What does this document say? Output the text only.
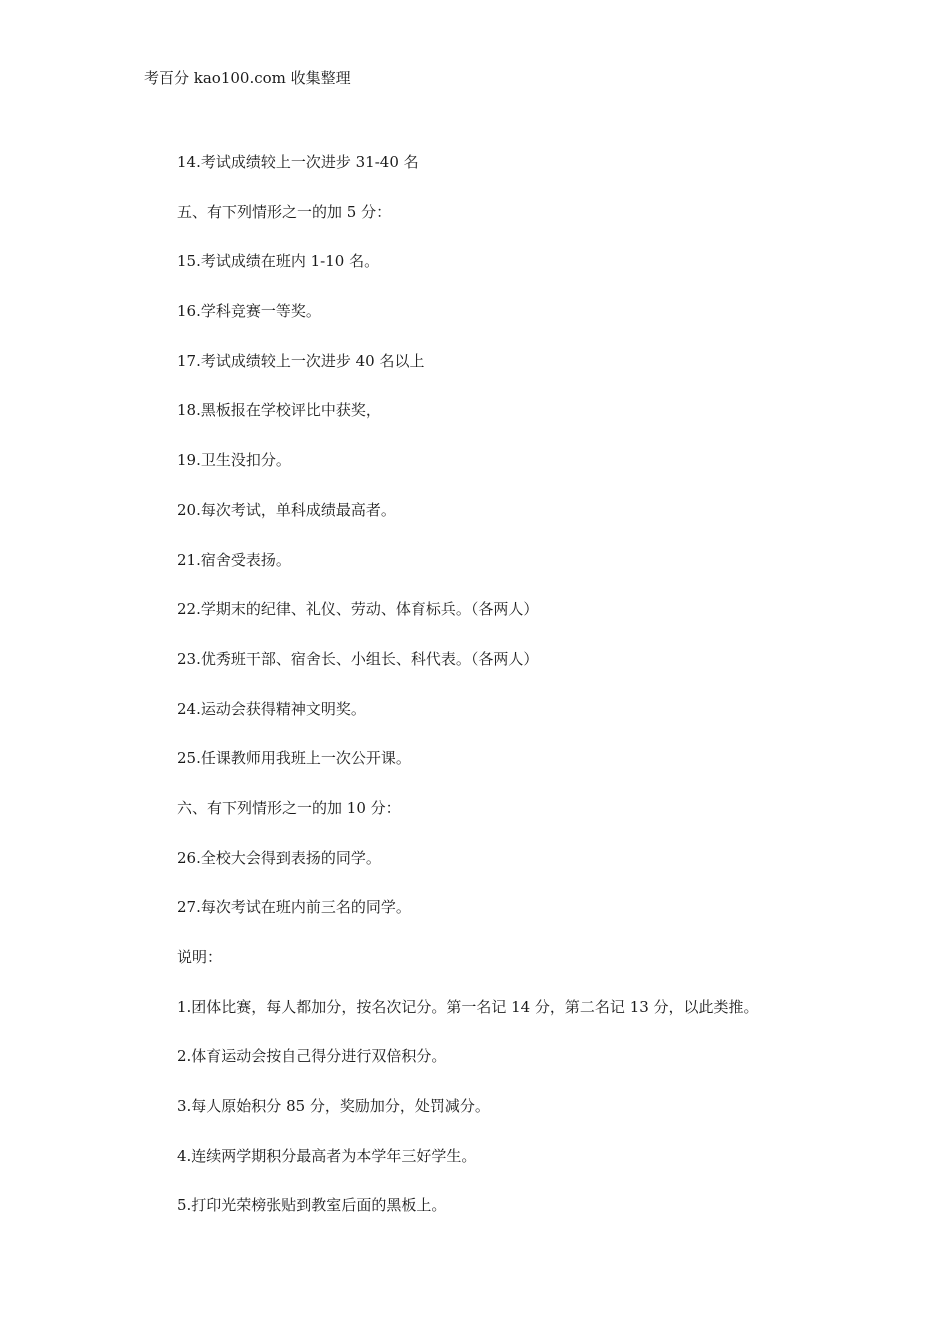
考百分 kao100.com 收集整理

14.考试成绩较上一次进步 31-40 名

五、有下列情形之一的加 5 分：

15.考试成绩在班内 1-10 名。

16.学科竞赛一等奖。

17.考试成绩较上一次进步 40 名以上

18.黑板报在学校评比中获奖，

19.卫生没扣分。

20.每次考试，单科成绩最高者。

21.宿舍受表扬。

22.学期末的纪律、礼仪、劳动、体育标兵。（各两人）

23.优秀班干部、宿舍长、小组长、科代表。（各两人）

24.运动会获得精神文明奖。

25.任课教师用我班上一次公开课。

六、有下列情形之一的加 10 分：

26.全校大会得到表扬的同学。

27.每次考试在班内前三名的同学。

说明：

1.团体比赛，每人都加分，按名次记分。第一名记 14 分，第二名记 13 分，以此类推。

2.体育运动会按自己得分进行双倍积分。

3.每人原始积分 85 分，奖励加分，处罚减分。

4.连续两学期积分最高者为本学年三好学生。

5.打印光荣榜张贴到教室后面的黑板上。
